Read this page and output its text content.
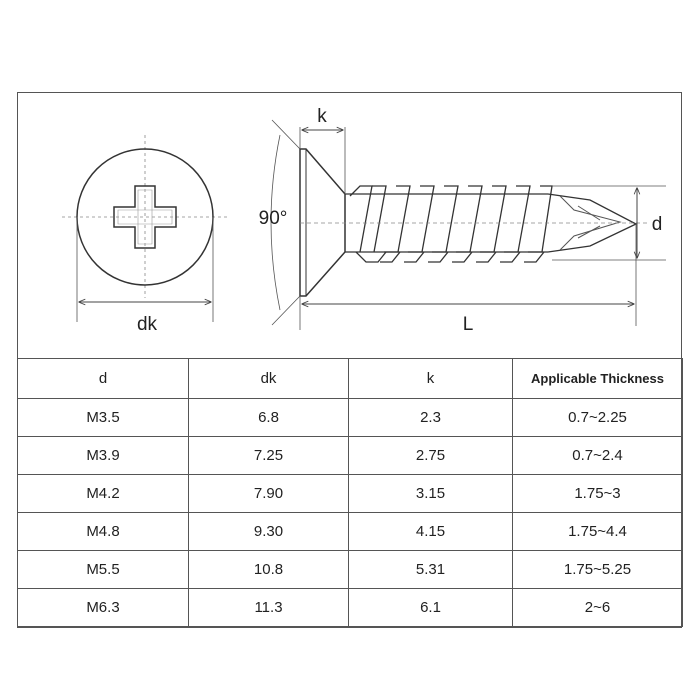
dk
k
90°	d
L
d	dk	k	Applicable Thickness
M3.5	6.8	2.3	0.7~2.25
M3.9	7.25	2.75	0.7~2.4
M4.2	7.90	3.15	1.75~3
M4.8	9.30	4.15	1.75~4.4
M5.5	10.8	5.31	1.75~5.25
M6.3	11.3	6.1	2~6
